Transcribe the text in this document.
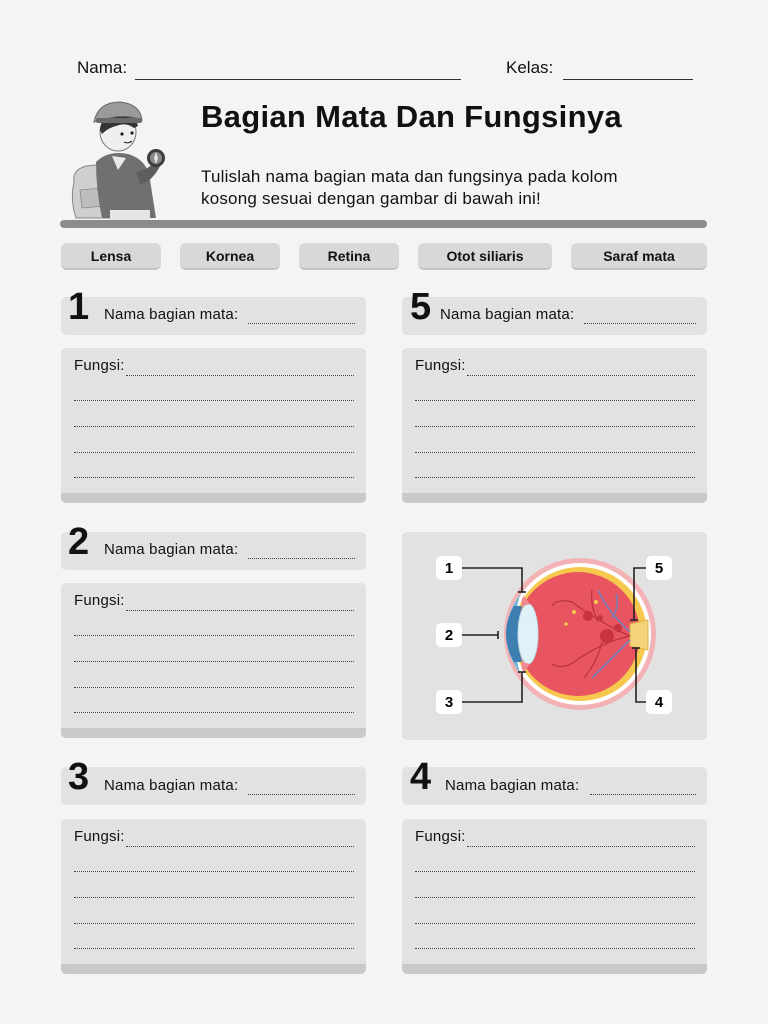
Nama:	Kelas:
Bagian Mata Dan Fungsinya
Tulislah nama bagian mata dan fungsinya pada kolom kosong sesuai dengan gambar di bawah ini!
Lensa	Kornea	Retina	Otot siliaris	Saraf mata
1 Nama bagian mata:
Fungsi:
5 Nama bagian mata:
Fungsi:
2 Nama bagian mata:
Fungsi:
1
2
3	4
5
3 Nama bagian mata:
Fungsi:
4 Nama bagian mata:
Fungsi:
